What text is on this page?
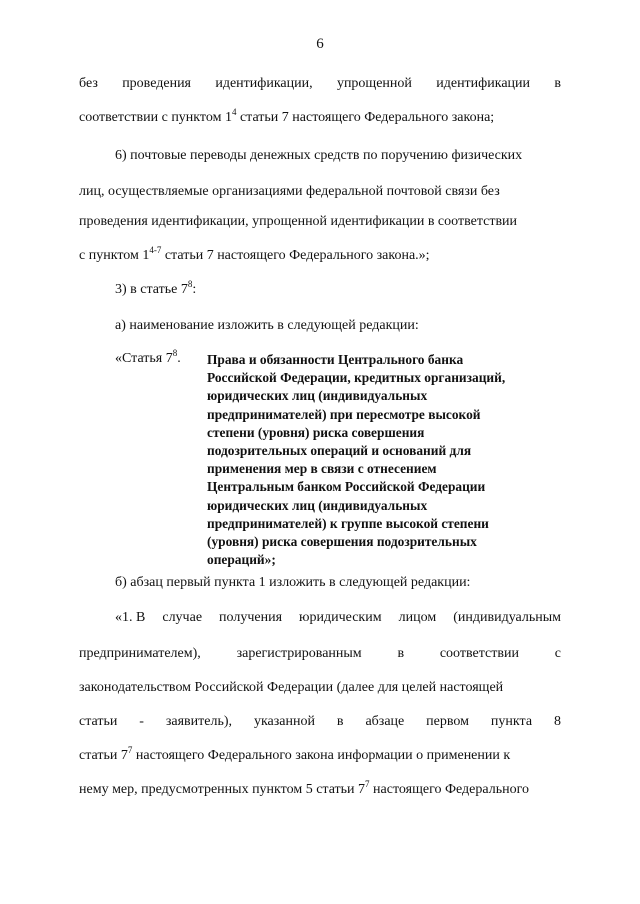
6
без проведения идентификации, упрощенной идентификации в
соответствии с пунктом $1^4$ статьи 7 настоящего Федерального закона;
6) почтовые переводы денежных средств по поручению физических
лиц, осуществляемые организациями федеральной почтовой связи без
проведения идентификации, упрощенной идентификации в соответствии
с пунктом 1$^{4-7}$ статьи 7 настоящего Федерального закона.»;
3) в статье $7^8$:
а) наименование изложить в следующей редакции:
«Статья $7^8$. Права и обязанности Центрального банка
Российской Федерации, кредитных организаций,
юридических лиц (индивидуальных
предпринимателей) при пересмотре высокой
степени (уровня) риска совершения
подозрительных операций и оснований для
применения мер в связи с отнесением
Центральным банком Российской Федерации
юридических лиц (индивидуальных
предпринимателей) к группе высокой степени
(уровня) риска совершения подозрительных
операций»;
б) абзац первый пункта 1 изложить в следующей редакции:
«1. В случае получения юридическим лицом (индивидуальным
предпринимателем),	зарегистрированным	в	соответствии	с
законодательством Российской Федерации (далее для целей настоящей
статьи - заявитель), указанной в абзаце первом пункта 8
статьи $7^7$ настоящего Федерального закона информации о применении к
нему мер, предусмотренных пунктом 5 статьи $7^7$ настоящего Федерального
